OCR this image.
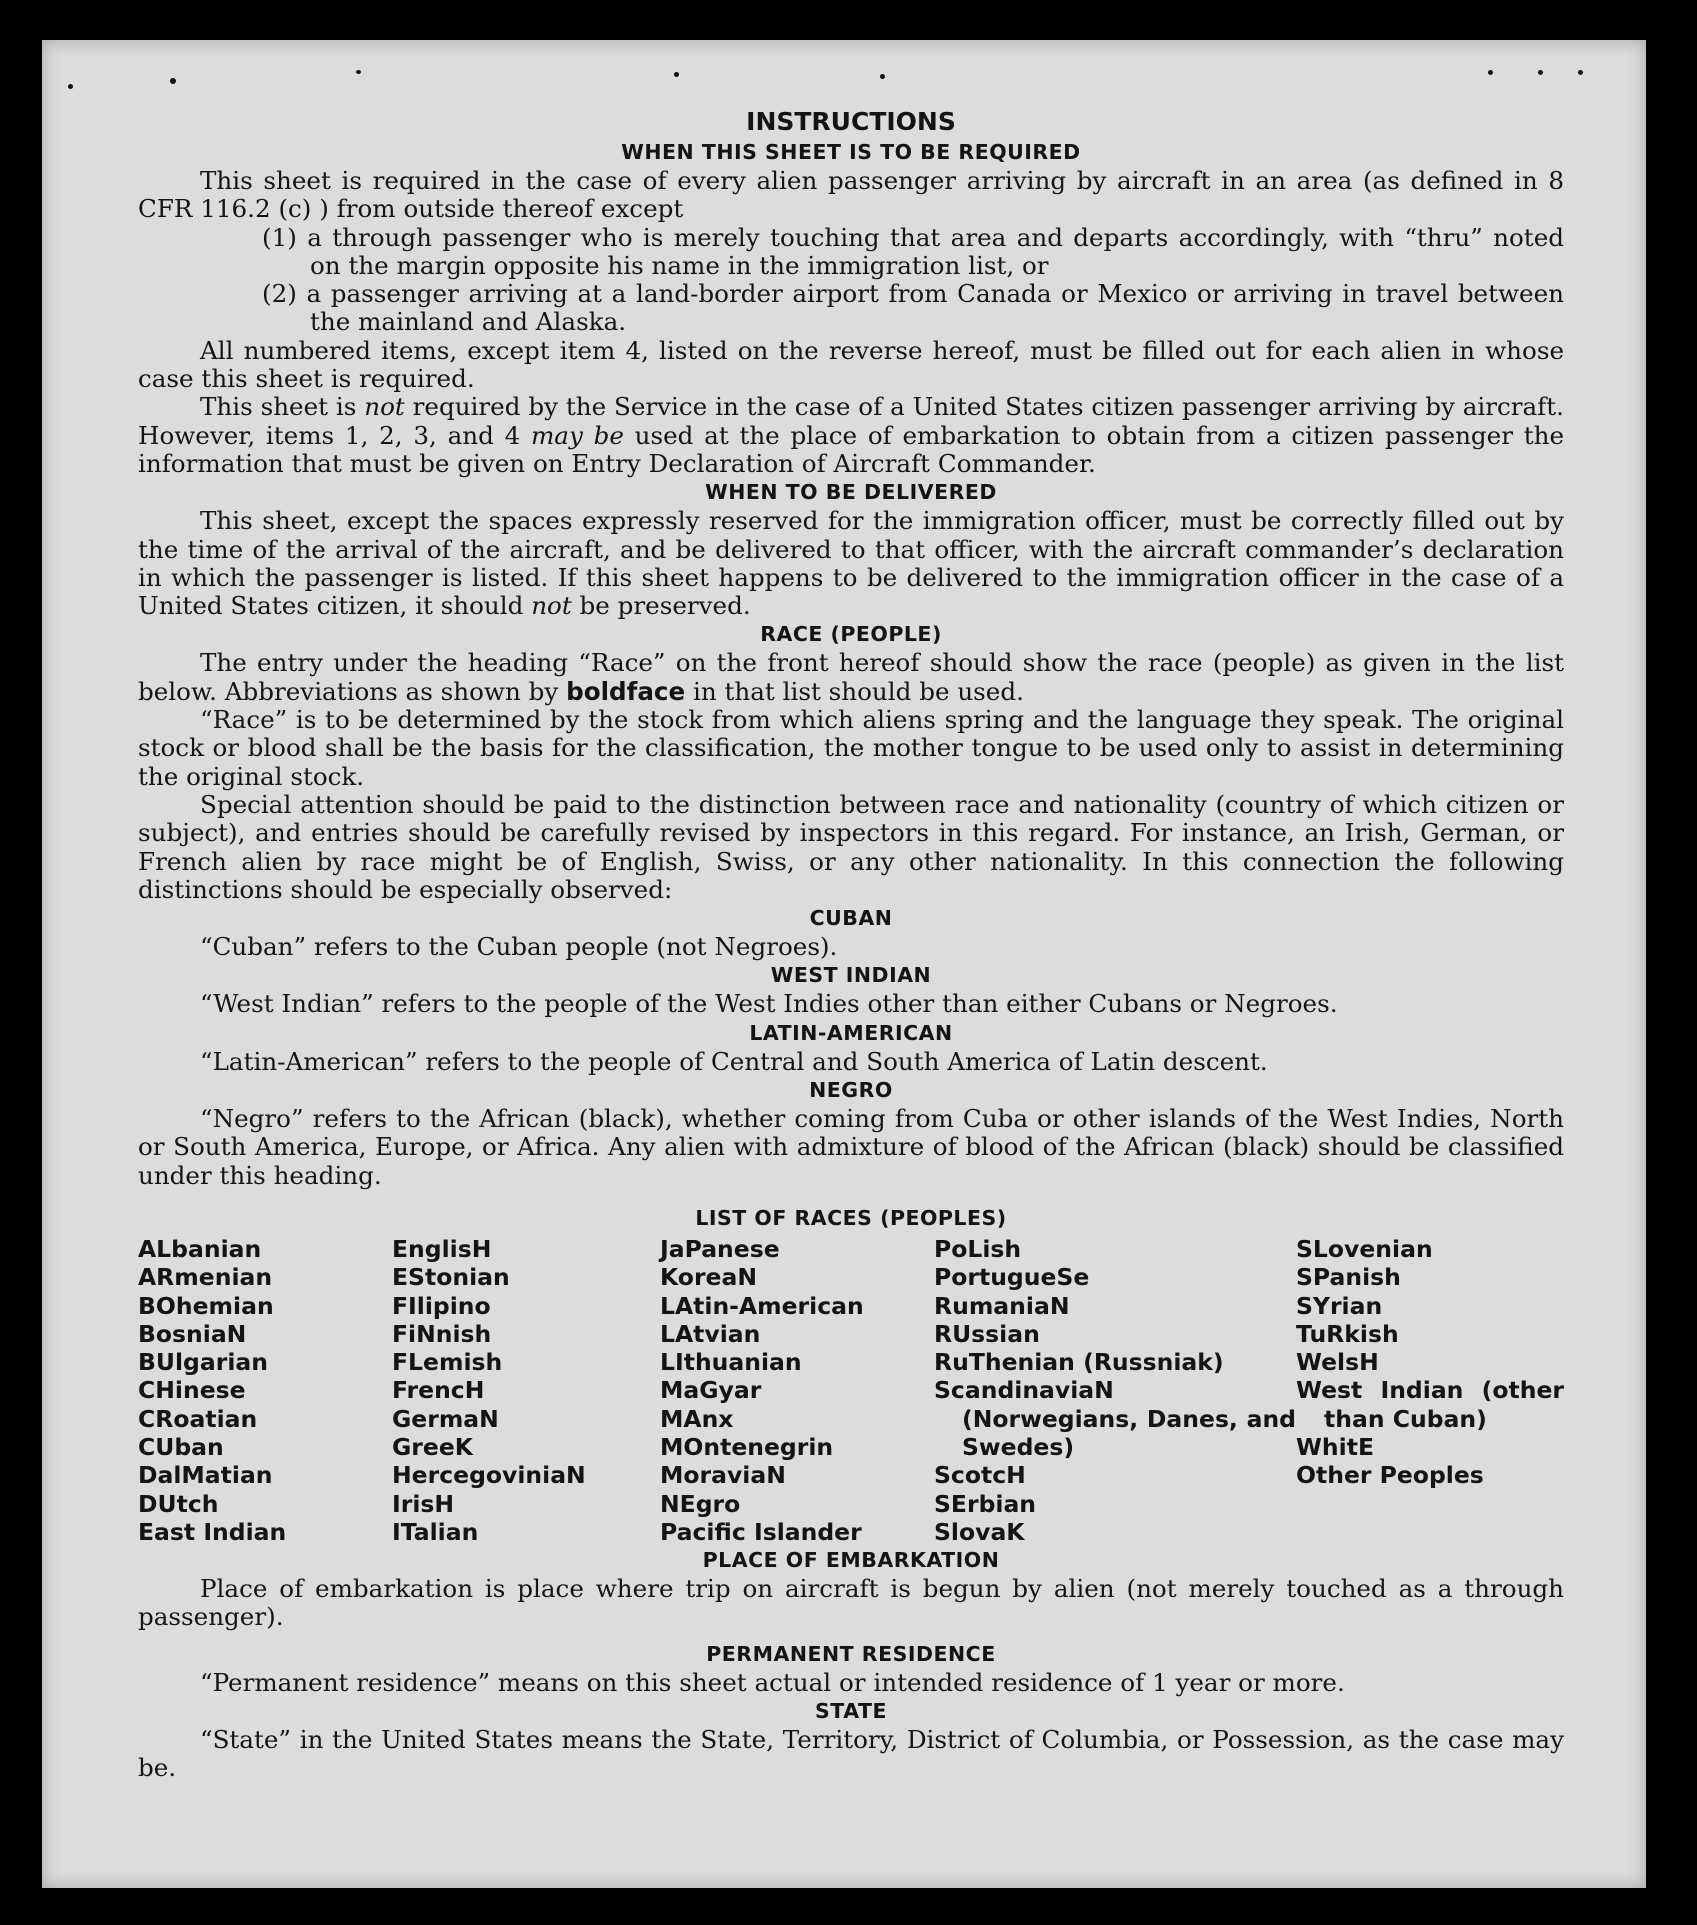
INSTRUCTIONS
WHEN THIS SHEET IS TO BE REQUIRED

This sheet is required in the case of every alien passenger arriving by aircraft in an area (as defined in 8 CFR 116.2 (c) ) from outside thereof except

(1) a through passenger who is merely touching that area and departs accordingly, with “thru” noted on the margin opposite his name in the immigration list, or
(2) a passenger arriving at a land-border airport from Canada or Mexico or arriving in travel between the mainland and Alaska.

All numbered items, except item 4, listed on the reverse hereof, must be filled out for each alien in whose case this sheet is required.

This sheet is not required by the Service in the case of a United States citizen passenger arriving by aircraft. However, items 1, 2, 3, and 4 may be used at the place of embarkation to obtain from a citizen passenger the information that must be given on Entry Declaration of Aircraft Commander.

WHEN TO BE DELIVERED

This sheet, except the spaces expressly reserved for the immigration officer, must be correctly filled out by the time of the arrival of the aircraft, and be delivered to that officer, with the aircraft commander’s declaration in which the passenger is listed. If this sheet happens to be delivered to the immigration officer in the case of a United States citizen, it should not be preserved.

RACE (PEOPLE)

The entry under the heading “Race” on the front hereof should show the race (people) as given in the list below. Abbreviations as shown by boldface in that list should be used.

“Race” is to be determined by the stock from which aliens spring and the language they speak. The original stock or blood shall be the basis for the classification, the mother tongue to be used only to assist in determining the original stock.

Special attention should be paid to the distinction between race and nationality (country of which citizen or subject), and entries should be carefully revised by inspectors in this regard. For instance, an Irish, German, or French alien by race might be of English, Swiss, or any other nationality. In this connection the following distinctions should be especially observed:

CUBAN

“Cuban” refers to the Cuban people (not Negroes).

WEST INDIAN

“West Indian” refers to the people of the West Indies other than either Cubans or Negroes.

LATIN-AMERICAN

“Latin-American” refers to the people of Central and South America of Latin descent.

NEGRO

“Negro” refers to the African (black), whether coming from Cuba or other islands of the West Indies, North or South America, Europe, or Africa. Any alien with admixture of blood of the African (black) should be classified under this heading.

LIST OF RACES (PEOPLES)
ALbanian
ARmenian
BOhemian
BosniaN
BUlgarian
CHinese
CRoatian
CUban
DalMatian
DUtch
East Indian
EnglisH
EStonian
FIlipino
FiNnish
FLemish
FrencH
GermaN
GreeK
HercegovinіaN
IrisH
ITalian
JaPanese
KoreaN
LAtin-American
LAtvian
LIthuanian
MaGyar
MAnx
MOntenegrin
MoraviaN
NEgro
Pacific Islander
PoLish
PortugueSe
RumaniaN
RUssian
RuThenian (Russniak)
ScandinaviaN (Norwegians, Danes, and Swedes)
ScotcH
SErbian
SlovaK
SLovenian
SPanish
SYrian
TuRkish
WelsH
West Indian (other than Cuban)
WhitE
Other Peoples
PLACE OF EMBARKATION

Place of embarkation is place where trip on aircraft is begun by alien (not merely touched as a through passenger).

PERMANENT RESIDENCE

“Permanent residence” means on this sheet actual or intended residence of 1 year or more.

STATE

“State” in the United States means the State, Territory, District of Columbia, or Possession, as the case may be.
